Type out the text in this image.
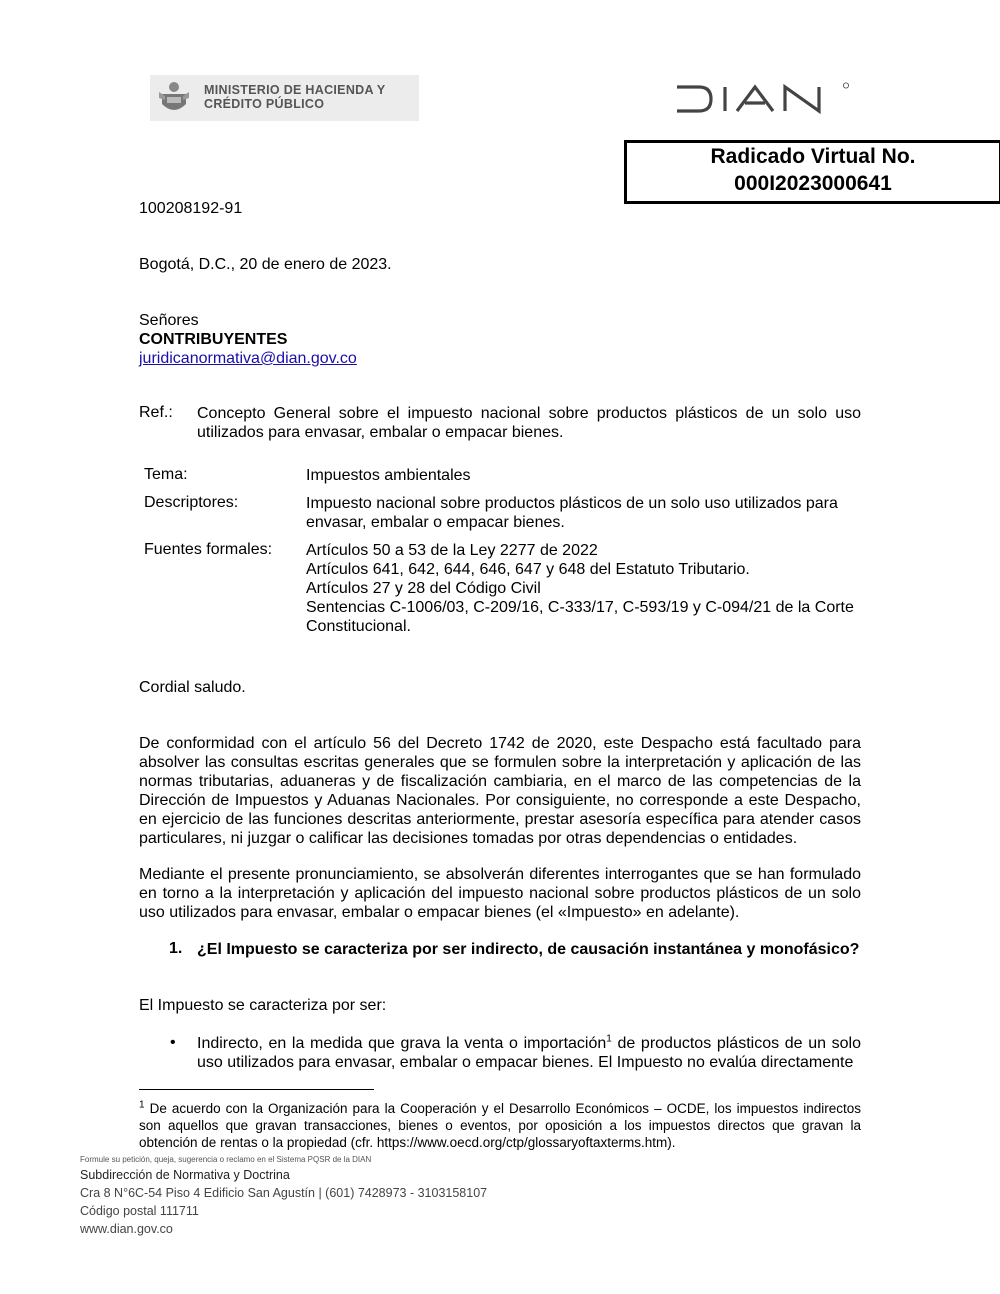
MINISTERIO DE HACIENDA Y
CRÉDITO PÚBLICO
Radicado Virtual No.
000I2023000641
100208192-91
Bogotá, D.C., 20 de enero de 2023.
Señores
CONTRIBUYENTES
juridicanormativa@dian.gov.co
Ref.: Concepto General sobre el impuesto nacional sobre productos plásticos de un solo uso utilizados para envasar, embalar o empacar bienes.
Tema:	Impuestos ambientales
Descriptores:	Impuesto nacional sobre productos plásticos de un solo uso utilizados para envasar, embalar o empacar bienes.
Fuentes formales: Artículos 50 a 53 de la Ley 2277 de 2022
Artículos 641, 642, 644, 646, 647 y 648 del Estatuto Tributario.
Artículos 27 y 28 del Código Civil
Sentencias C-1006/03, C-209/16, C-333/17, C-593/19 y C-094/21 de la Corte Constitucional.
Cordial saludo.
De conformidad con el artículo 56 del Decreto 1742 de 2020, este Despacho está facultado para absolver las consultas escritas generales que se formulen sobre la interpretación y aplicación de las normas tributarias, aduaneras y de fiscalización cambiaria, en el marco de las competencias de la Dirección de Impuestos y Aduanas Nacionales. Por consiguiente, no corresponde a este Despacho, en ejercicio de las funciones descritas anteriormente, prestar asesoría específica para atender casos particulares, ni juzgar o calificar las decisiones tomadas por otras dependencias o entidades.
Mediante el presente pronunciamiento, se absolverán diferentes interrogantes que se han formulado en torno a la interpretación y aplicación del impuesto nacional sobre productos plásticos de un solo uso utilizados para envasar, embalar o empacar bienes (el «Impuesto» en adelante).
1. ¿El Impuesto se caracteriza por ser indirecto, de causación instantánea y monofásico?
El Impuesto se caracteriza por ser:
• Indirecto, en la medida que grava la venta o importación$^1$ de productos plásticos de un solo uso utilizados para envasar, embalar o empacar bienes. El Impuesto no evalúa directamente
$^1$ De acuerdo con la Organización para la Cooperación y el Desarrollo Económicos – OCDE, los impuestos indirectos son aquellos que gravan transacciones, bienes o eventos, por oposición a los impuestos directos que gravan la obtención de rentas o la propiedad (cfr. https://www.oecd.org/ctp/glossaryoftaxterms.htm).
Formule su petición, queja, sugerencia o reclamo en el Sistema PQSR de la DIAN
Subdirección de Normativa y Doctrina
Cra 8 N°6C-54 Piso 4 Edificio San Agustín | (601) 7428973 - 3103158107
Código postal 111711
www.dian.gov.co
